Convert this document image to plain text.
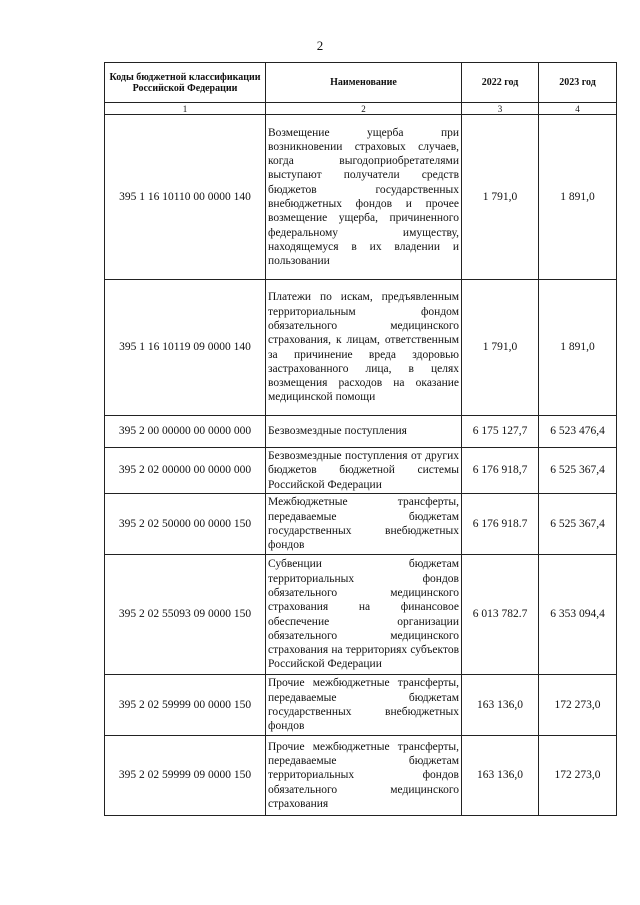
2
Коды бюджетной классификации Российской Федерации	Наименование	2022 год	2023 год
1	2	3	4
395 1 16 10110 00 0000 140	Возмещение ущерба при возникновении страховых случаев, когда выгодоприобретателями выступают получатели средств бюджетов государственных внебюджетных фондов и прочее возмещение ущерба, причиненного федеральному имуществу, находящемуся в их владении и пользовании	1 791,0	1 891,0
395 1 16 10119 09 0000 140	Платежи по искам, предъявленным территориальным фондом обязательного медицинского страхования, к лицам, ответственным за причинение вреда здоровью застрахованного лица, в целях возмещения расходов на оказание медицинской помощи	1 791,0	1 891,0
395 2 00 00000 00 0000 000	Безвозмездные поступления	6 175 127,7	6 523 476,4
395 2 02 00000 00 0000 000	Безвозмездные поступления от других бюджетов бюджетной системы Российской Федерации	6 176 918,7	6 525 367,4
395 2 02 50000 00 0000 150	Межбюджетные трансферты, передаваемые бюджетам государственных внебюджетных фондов	6 176 918.7	6 525 367,4
395 2 02 55093 09 0000 150	Субвенции бюджетам территориальных фондов обязательного медицинского страхования на финансовое обеспечение организации обязательного медицинского страхования на территориях субъектов Российской Федерации	6 013 782.7	6 353 094,4
395 2 02 59999 00 0000 150	Прочие межбюджетные трансферты, передаваемые бюджетам государственных внебюджетных фондов	163 136,0	172 273,0
395 2 02 59999 09 0000 150	Прочие межбюджетные трансферты, передаваемые бюджетам территориальных фондов обязательного медицинского страхования	163 136,0	172 273,0
